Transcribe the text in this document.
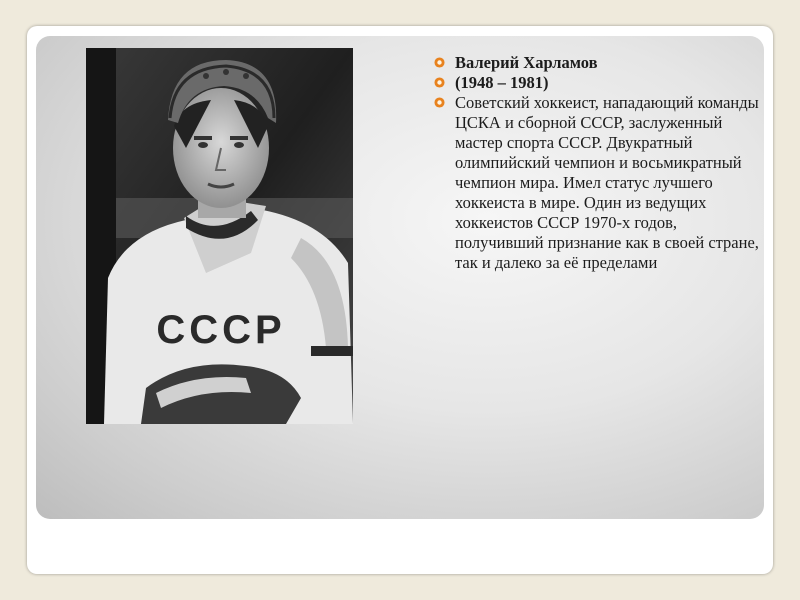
СССР
Валерий Харламов
(1948 – 1981)
Советский хоккеист, нападающий команды ЦСКА и сборной СССР, заслуженный мастер спорта СССР. Двукратный олимпийский чемпион и восьмикратный чемпион мира. Имел статус лучшего хоккеиста в мире. Один из ведущих хоккеистов СССР 1970-х годов, получивший признание как в своей стране, так и далеко за её пределами
